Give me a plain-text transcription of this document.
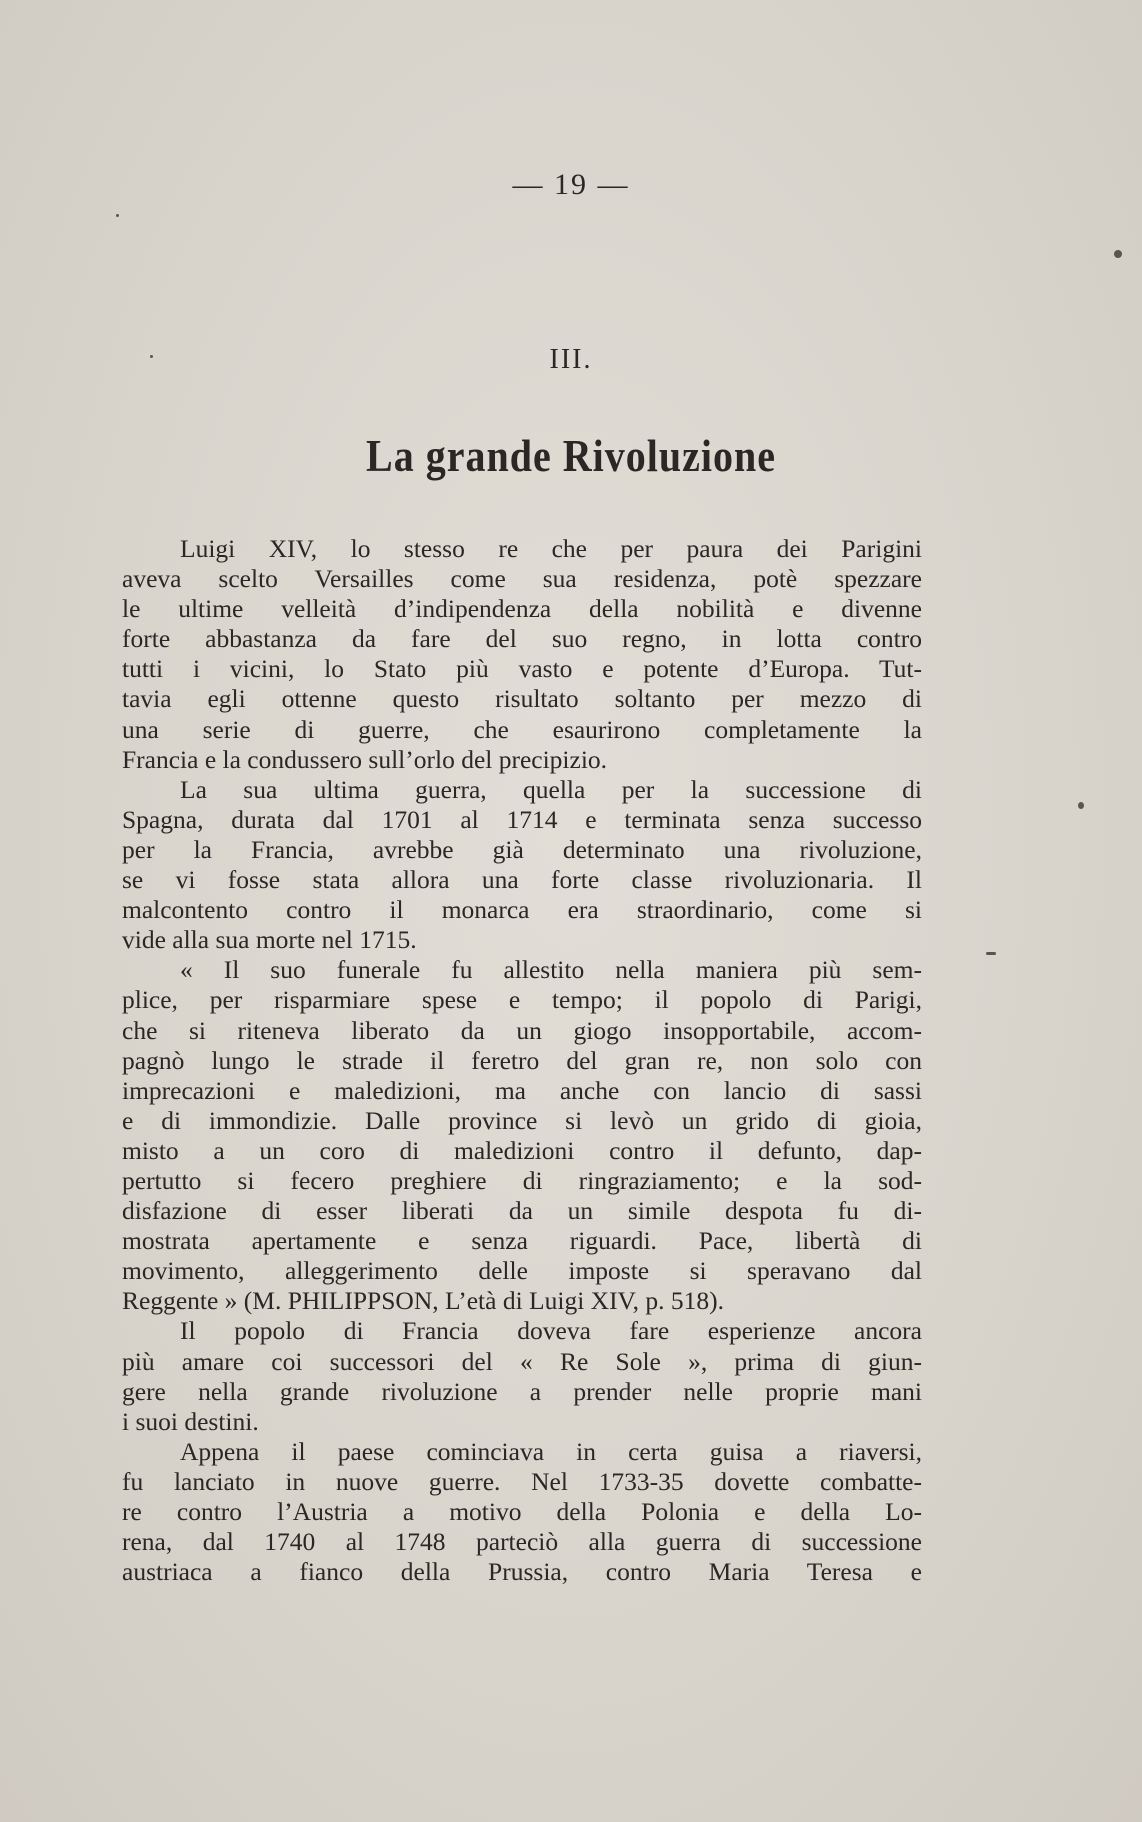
— 19 —
III.
La grande Rivoluzione
Luigi XIV, lo stesso re che per paura dei Parigini
aveva scelto Versailles come sua residenza, potè spezzare
le ultime velleità d’indipendenza della nobilità e divenne
forte abbastanza da fare del suo regno, in lotta contro
tutti i vicini, lo Stato più vasto e potente d’Europa. Tut-
tavia egli ottenne questo risultato soltanto per mezzo di
una serie di guerre, che esaurirono completamente la
Francia e la condussero sull’orlo del precipizio.
La sua ultima guerra, quella per la successione di
Spagna, durata dal 1701 al 1714 e terminata senza successo
per la Francia, avrebbe già determinato una rivoluzione,
se vi fosse stata allora una forte classe rivoluzionaria. Il
malcontento contro il monarca era straordinario, come si
vide alla sua morte nel 1715.
« Il suo funerale fu allestito nella maniera più sem-
plice, per risparmiare spese e tempo; il popolo di Parigi,
che si riteneva liberato da un giogo insopportabile, accom-
pagnò lungo le strade il feretro del gran re, non solo con
imprecazioni e maledizioni, ma anche con lancio di sassi
e di immondizie. Dalle province si levò un grido di gioia,
misto a un coro di maledizioni contro il defunto, dap-
pertutto si fecero preghiere di ringraziamento; e la sod-
disfazione di esser liberati da un simile despota fu di-
mostrata apertamente e senza riguardi. Pace, libertà di
movimento, alleggerimento delle imposte si speravano dal
Reggente » (M. PHILIPPSON, L’età di Luigi XIV, p. 518).
Il popolo di Francia doveva fare esperienze ancora
più amare coi successori del « Re Sole », prima di giun-
gere nella grande rivoluzione a prender nelle proprie mani
i suoi destini.
Appena il paese cominciava in certa guisa a riaversi,
fu lanciato in nuove guerre. Nel 1733-35 dovette combatte-
re contro l’Austria a motivo della Polonia e della Lo-
rena, dal 1740 al 1748 parteciò alla guerra di successione
austriaca a fianco della Prussia, contro Maria Teresa e
